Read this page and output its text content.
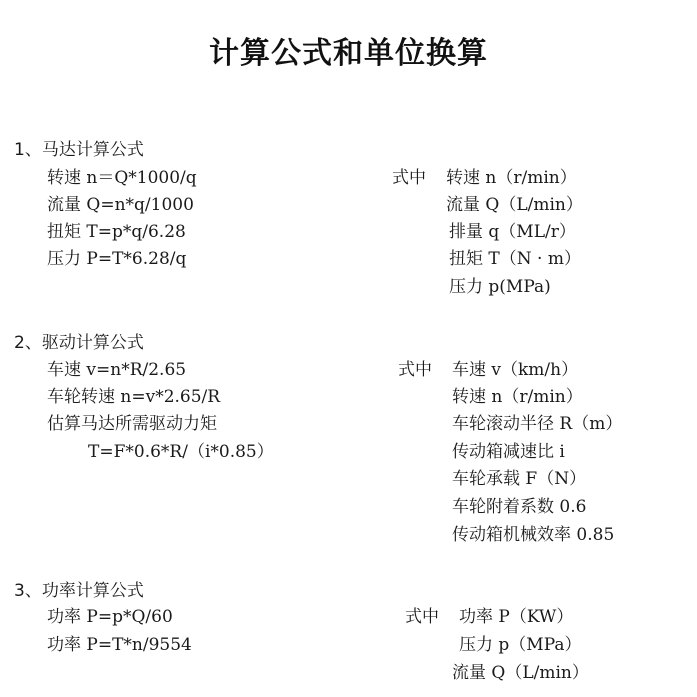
计算公式和单位换算
1、马达计算公式
转速 n＝Q*1000/q
流量 Q=n*q/1000
扭矩 T=p*q/6.28
压力 P=T*6.28/q
式中 转速 n（r/min）
流量 Q（L/min）
排量 q（ML/r）
扭矩 T（N · m）
压力 p(MPa)
2、驱动计算公式
车速 v=n*R/2.65
车轮转速 n=v*2.65/R
估算马达所需驱动力矩
T=F*0.6*R/（i*0.85）
式中 车速 v（km/h）
转速 n（r/min）
车轮滚动半径 R（m）
传动箱减速比 i
车轮承载 F（N）
车轮附着系数 0.6
传动箱机械效率 0.85
3、功率计算公式
功率 P=p*Q/60
功率 P=T*n/9554
式中 功率 P（KW）
压力 p（MPa）
流量 Q（L/min）
